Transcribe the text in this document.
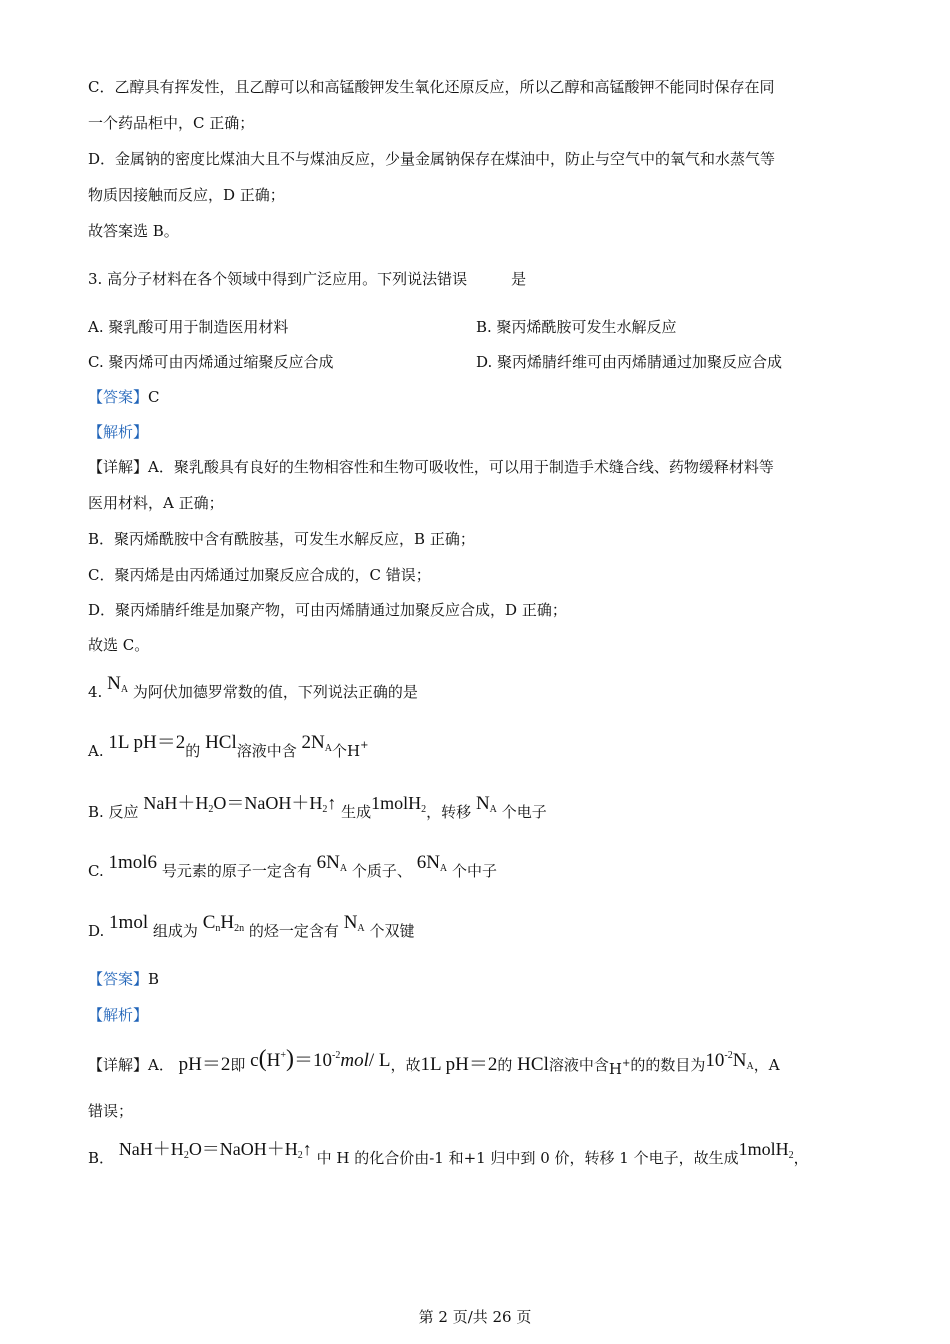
C．乙醇具有挥发性，且乙醇可以和高锰酸钾发生氧化还原反应，所以乙醇和高锰酸钾不能同时保存在同
一个药品柜中，C 正确；
D．金属钠的密度比煤油大且不与煤油反应，少量金属钠保存在煤油中，防止与空气中的氧气和水蒸气等
物质因接触而反应，D 正确；
故答案选 B。
3. 高分子材料在各个领域中得到广泛应用。下列说法错误	是
A. 聚乳酸可用于制造医用材料	B. 聚丙烯酰胺可发生水解反应
C. 聚丙烯可由丙烯通过缩聚反应合成	D. 聚丙烯腈纤维可由丙烯腈通过加聚反应合成
【答案】C
【解析】
【详解】A．聚乳酸具有良好的生物相容性和生物可吸收性，可以用于制造手术缝合线、药物缓释材料等
医用材料，A 正确；
B．聚丙烯酰胺中含有酰胺基，可发生水解反应，B 正确；
C．聚丙烯是由丙烯通过加聚反应合成的，C 错误；
D．聚丙烯腈纤维是加聚产物，可由丙烯腈通过加聚反应合成，D 正确；
故选 C。
4. $N_A$ 为阿伏加德罗常数的值，下列说法正确的是
A. 1L pH＝2的 HCl溶液中含 $2N_A$个H+
B. 反应 $NaH+H_2O=NaOH+H_2↑$ 生成1molH$_2$，转移 $N_A$ 个电子
C. 1mol6 号元素的原子一定含有 $6N_A$ 个质子、 $6N_A$ 个中子
D. 1mol 组成为 $C_nH_{2n}$ 的烃一定含有 $N_A$ 个双键
【答案】B
【解析】
【详解】A． pH＝2即 $c(H^+)=10^{-2}mol/$ L，故1L pH＝2的 HCl溶液中含H+的的数目为$10^{-2}N_A$，A
错误；
B． $NaH+H_2O=NaOH+H_2↑$ 中 H 的化合价由-1 和+1 归中到 0 价，转移 1 个电子，故生成1molH$_2$，
第 2 页/共 26 页
